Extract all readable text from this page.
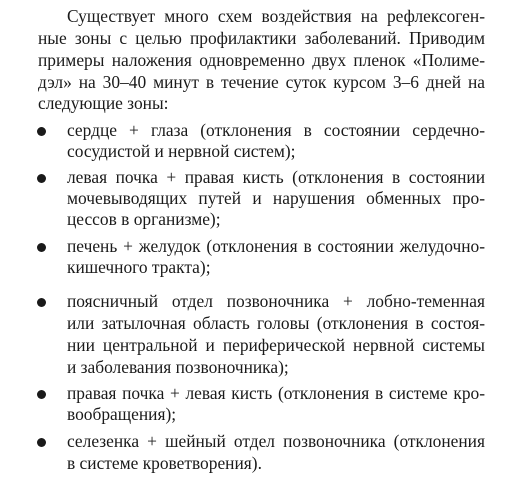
Существует много схем воздействия на рефлексоген-
ные зоны с целью профилактики заболеваний. Приводим
примеры наложения одновременно двух пленок «Полиме-
дэл» на 30–40 минут в течение суток курсом 3–6 дней на
следующие зоны:
сердце + глаза (отклонения в состоянии сердечно-
сосудистой и нервной систем);
левая почка + правая кисть (отклонения в состоянии
мочевыводящих путей и нарушения обменных про-
цессов в организме);
печень + желудок (отклонения в состоянии желудочно-
кишечного тракта);
поясничный отдел позвоночника + лобно-теменная
или затылочная область головы (отклонения в состоя-
нии центральной и периферической нервной системы
и заболевания позвоночника);
правая почка + левая кисть (отклонения в системе кро-
вообращения);
селезенка + шейный отдел позвоночника (отклонения
в системе кроветворения).
